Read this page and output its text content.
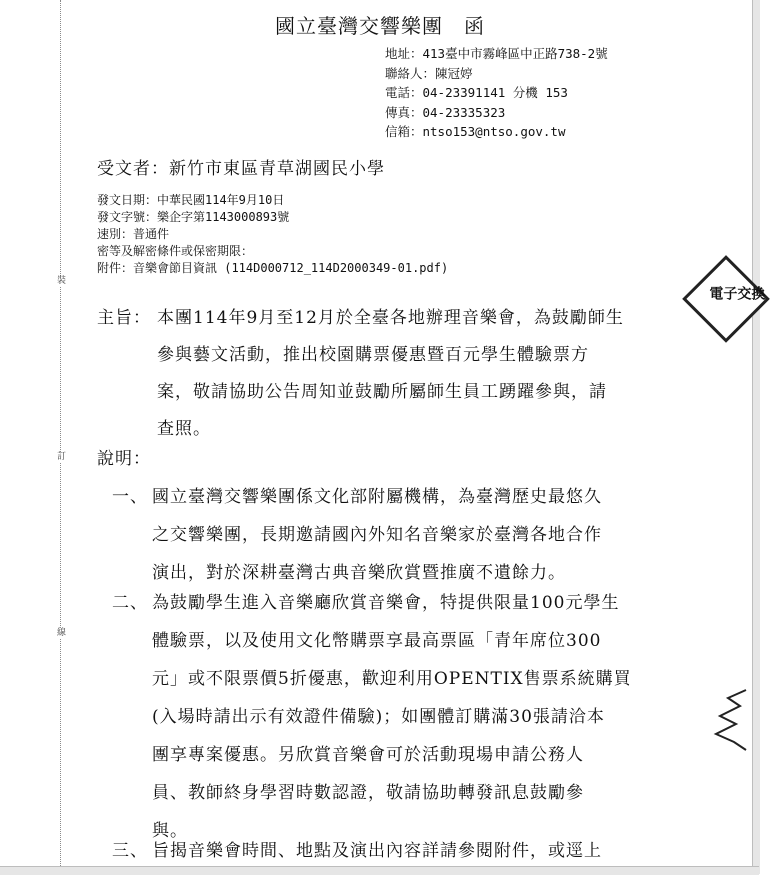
裝
訂
線
國立臺灣交響樂團　函
地址：413臺中市霧峰區中正路738-2號
聯絡人：陳冠婷
電話：04-23391141 分機 153
傳真：04-23335323
信箱：ntso153@ntso.gov.tw
受文者：新竹市東區青草湖國民小學
發文日期：中華民國114年9月10日
發文字號：樂企字第1143000893號
速別：普通件
密等及解密條件或保密期限：
附件：音樂會節目資訊 (114D000712_114D2000349-01.pdf)
主旨： 本團114年9月至12月於全臺各地辦理音樂會，為鼓勵師生
參與藝文活動，推出校園購票優惠暨百元學生體驗票方
案，敬請協助公告周知並鼓勵所屬師生員工踴躍參與，請
查照。
說明：
一、 國立臺灣交響樂團係文化部附屬機構，為臺灣歷史最悠久
之交響樂團，長期邀請國內外知名音樂家於臺灣各地合作
演出，對於深耕臺灣古典音樂欣賞暨推廣不遺餘力。
二、 為鼓勵學生進入音樂廳欣賞音樂會，特提供限量100元學生
體驗票，以及使用文化幣購票享最高票區「青年席位300
元」或不限票價5折優惠，歡迎利用OPENTIX售票系統購買
(入場時請出示有效證件備驗)；如團體訂購滿30張請洽本
團享專案優惠。另欣賞音樂會可於活動現場申請公務人
員、教師終身學習時數認證，敬請協助轉發訊息鼓勵參
與。
三、 旨揭音樂會時間、地點及演出內容詳請參閱附件，或逕上
電子交換
